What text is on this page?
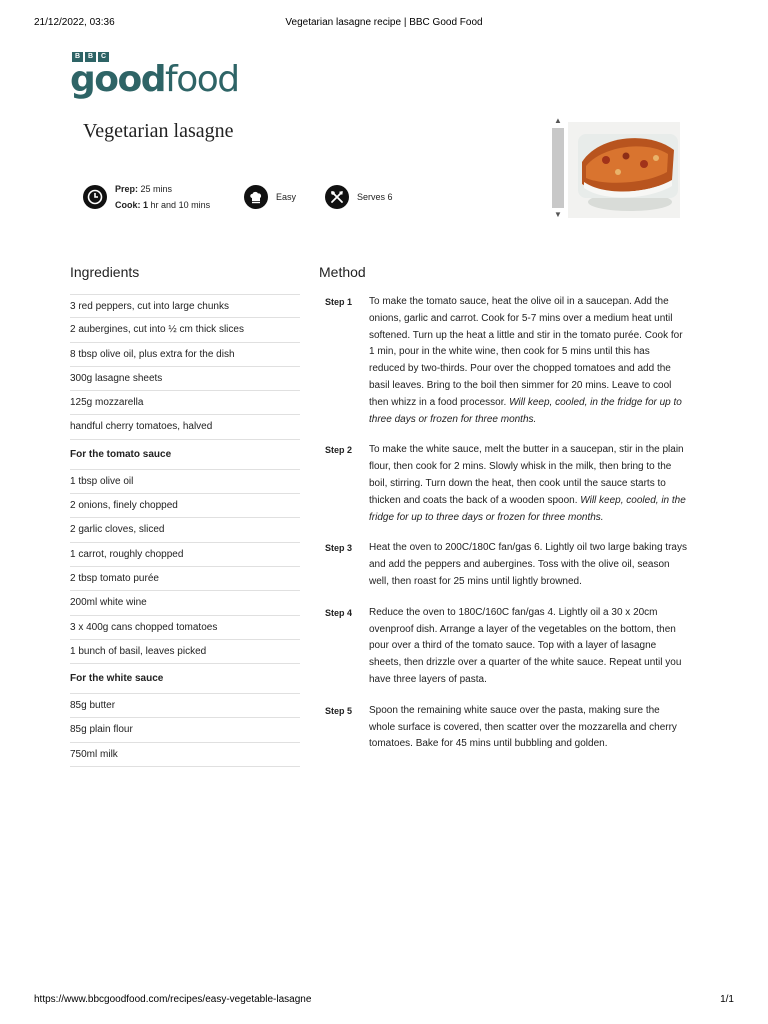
21/12/2022, 03:36	Vegetarian lasagne recipe | BBC Good Food
B	B	C
goodfood
Vegetarian lasagne
Prep: 25 mins
Cook: 1 hr and 10 mins
Easy	Serves 6
▲
▼
Ingredients	Method
3 red peppers, cut into large chunks
2 aubergines, cut into ½ cm thick slices
8 tbsp olive oil, plus extra for the dish
300g lasagne sheets
125g mozzarella
handful cherry tomatoes, halved
For the tomato sauce
1 tbsp olive oil
2 onions, finely chopped
2 garlic cloves, sliced
1 carrot, roughly chopped
2 tbsp tomato purée
200ml white wine
3 x 400g cans chopped tomatoes
1 bunch of basil, leaves picked
For the white sauce
85g butter
85g plain flour
750ml milk
Step 1	To make the tomato sauce, heat the olive oil in a saucepan. Add the onions, garlic and carrot. Cook for 5-7 mins over a medium heat until softened. Turn up the heat a little and stir in the tomato purée. Cook for 1 min, pour in the white wine, then cook for 5 mins until this has reduced by two-thirds. Pour over the chopped tomatoes and add the basil leaves. Bring to the boil then simmer for 20 mins. Leave to cool then whizz in a food processor. Will keep, cooled, in the fridge for up to three days or frozen for three months.
Step 2	To make the white sauce, melt the butter in a saucepan, stir in the plain flour, then cook for 2 mins. Slowly whisk in the milk, then bring to the boil, stirring. Turn down the heat, then cook until the sauce starts to thicken and coats the back of a wooden spoon. Will keep, cooled, in the fridge for up to three days or frozen for three months.
Step 3	Heat the oven to 200C/180C fan/gas 6. Lightly oil two large baking trays and add the peppers and aubergines. Toss with the olive oil, season well, then roast for 25 mins until lightly browned.
Step 4	Reduce the oven to 180C/160C fan/gas 4. Lightly oil a 30 x 20cm ovenproof dish. Arrange a layer of the vegetables on the bottom, then pour over a third of the tomato sauce. Top with a layer of lasagne sheets, then drizzle over a quarter of the white sauce. Repeat until you have three layers of pasta.
Step 5	Spoon the remaining white sauce over the pasta, making sure the whole surface is covered, then scatter over the mozzarella and cherry tomatoes. Bake for 45 mins until bubbling and golden.
https://www.bbcgoodfood.com/recipes/easy-vegetable-lasagne	1/1
